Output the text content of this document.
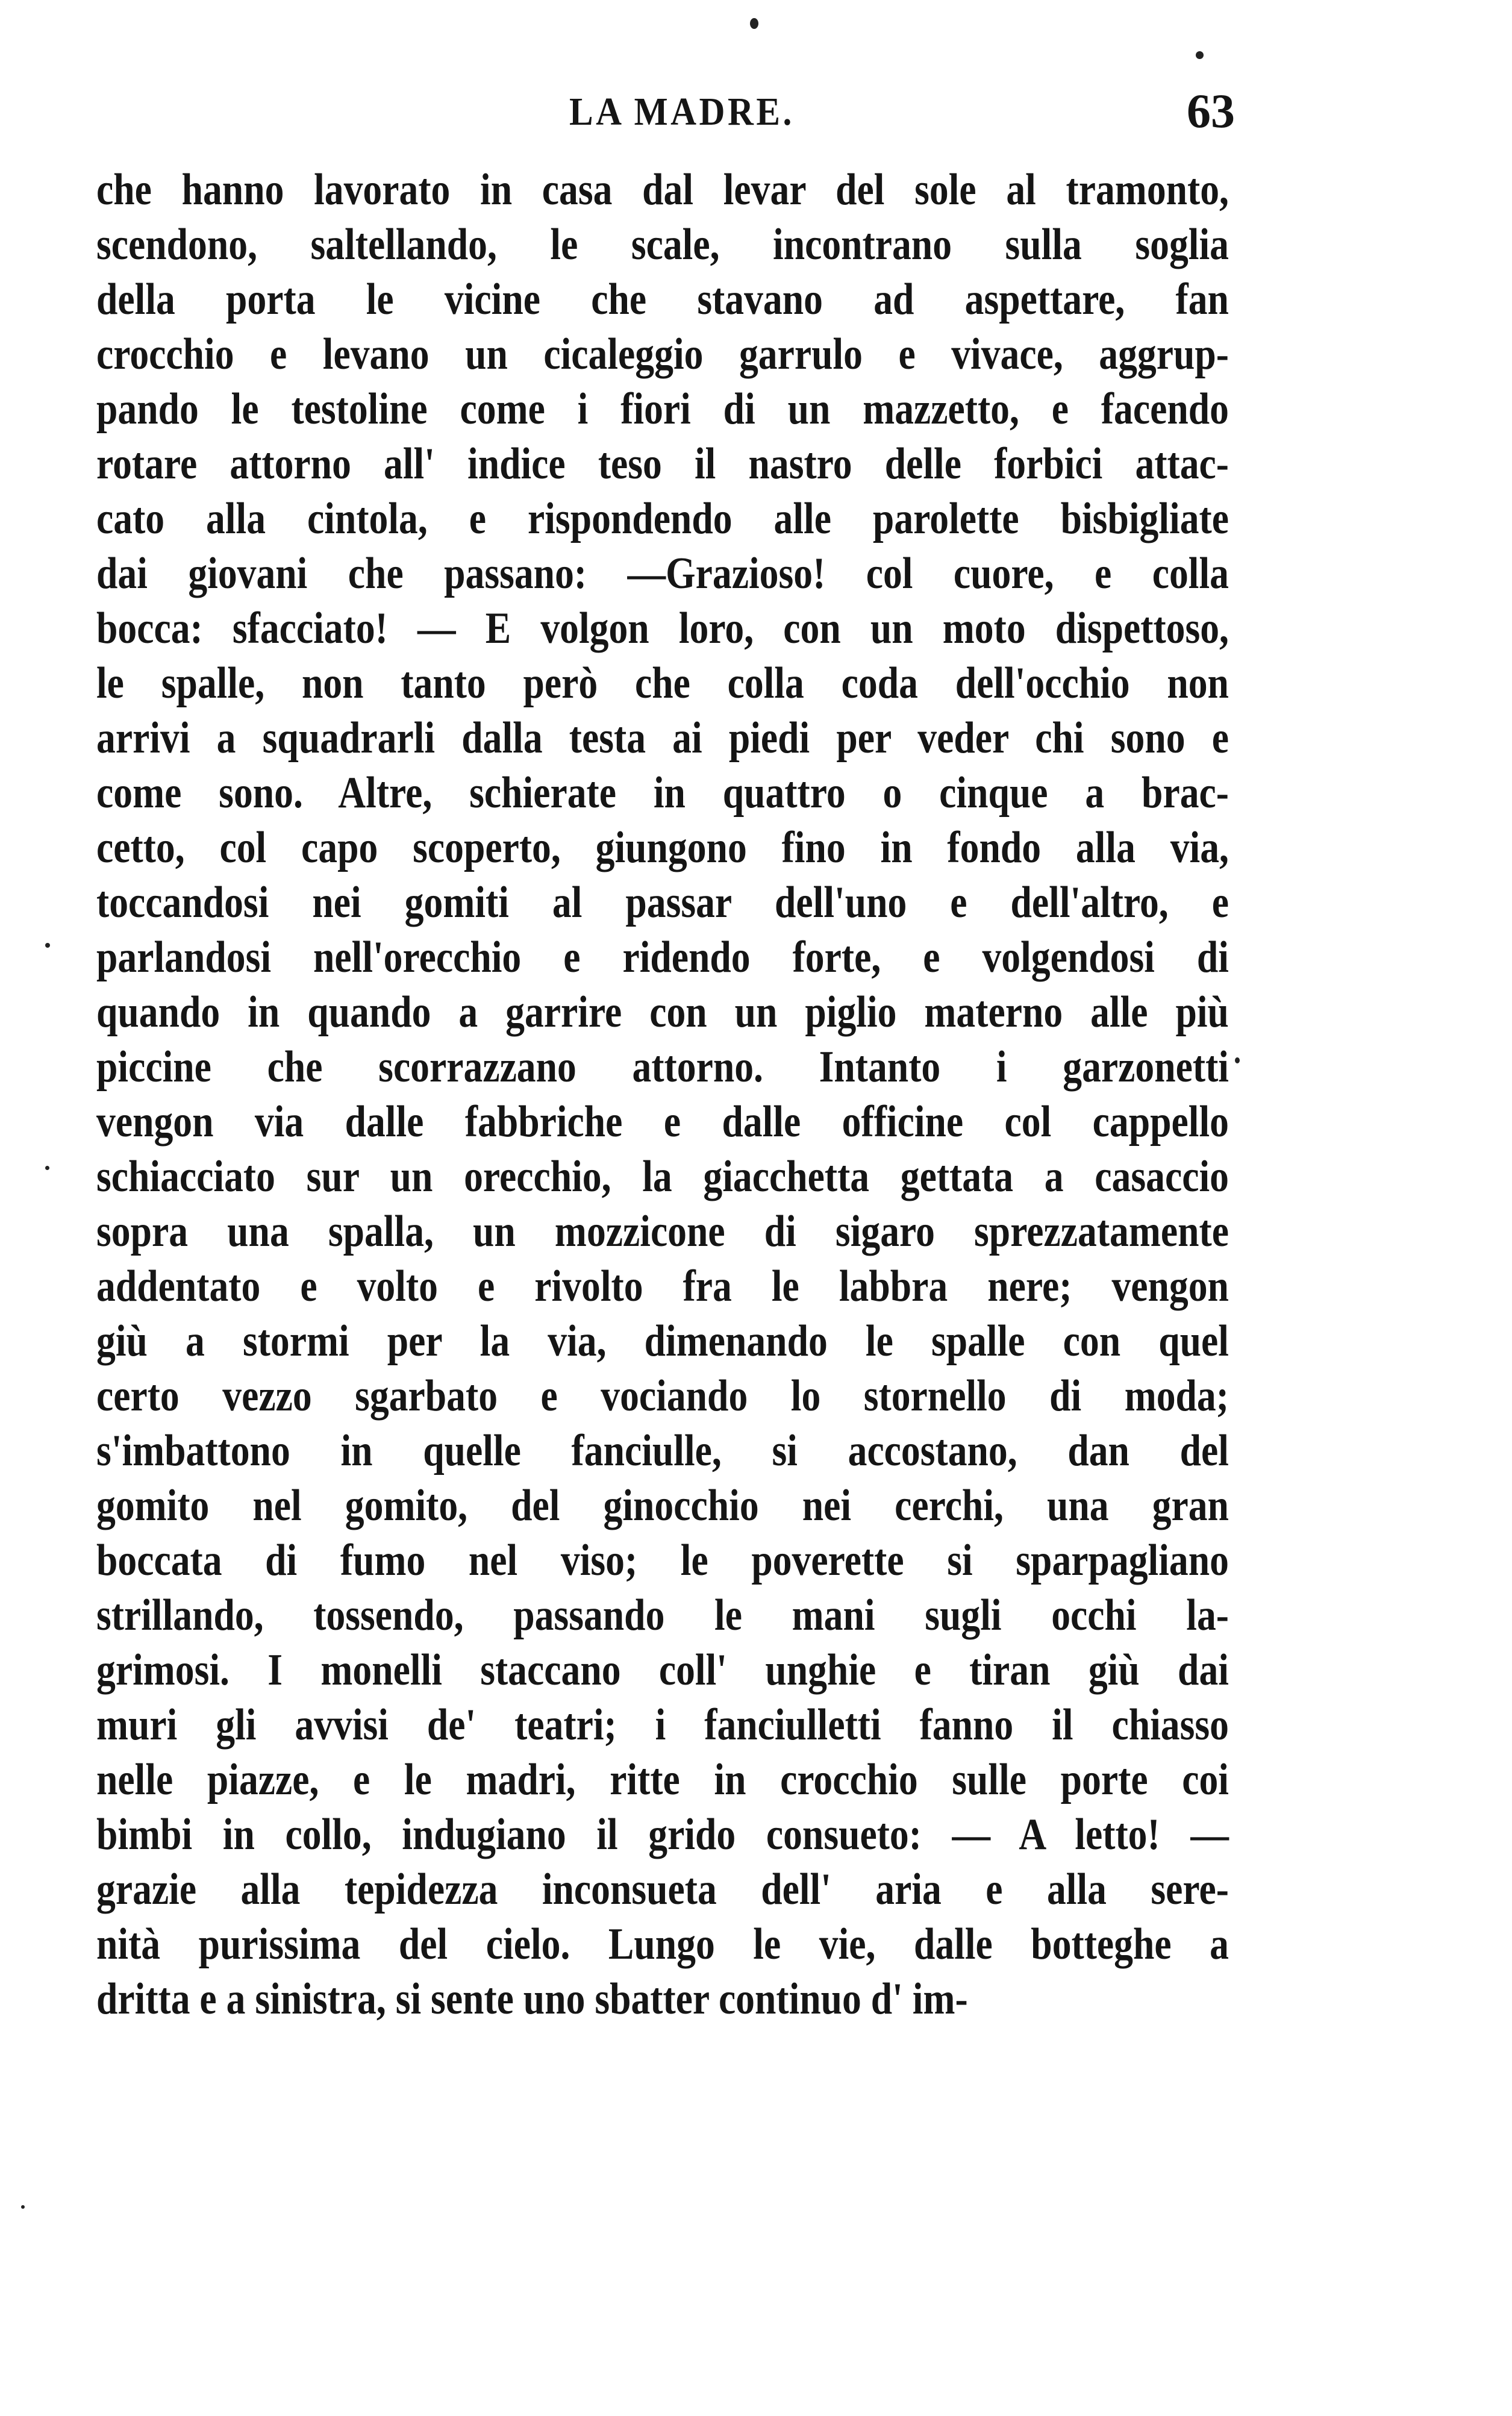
LA MADRE.	63
che hanno lavorato in casa dal levar del sole al tramonto,
scendono, saltellando, le scale, incontrano sulla soglia
della porta le vicine che stavano ad aspettare, fan
crocchio e levano un cicaleggio garrulo e vivace, aggrup-
pando le testoline come i fiori di un mazzetto, e facendo
rotare attorno all' indice teso il nastro delle forbici attac-
cato alla cintola, e rispondendo alle parolette bisbigliate
dai giovani che passano: —Grazioso! col cuore, e colla
bocca: sfacciato! — E volgon loro, con un moto dispettoso,
le spalle, non tanto però che colla coda dell'occhio non
arrivi a squadrarli dalla testa ai piedi per veder chi sono e
come sono. Altre, schierate in quattro o cinque a brac-
cetto, col capo scoperto, giungono fino in fondo alla via,
toccandosi nei gomiti al passar dell'uno e dell'altro, e
parlandosi nell'orecchio e ridendo forte, e volgendosi di
quando in quando a garrire con un piglio materno alle più
piccine che scorrazzano attorno. Intanto i garzonetti
vengon via dalle fabbriche e dalle officine col cappello
schiacciato sur un orecchio, la giacchetta gettata a casaccio
sopra una spalla, un mozzicone di sigaro sprezzatamente
addentato e volto e rivolto fra le labbra nere; vengon
giù a stormi per la via, dimenando le spalle con quel
certo vezzo sgarbato e vociando lo stornello di moda;
s'imbattono in quelle fanciulle, si accostano, dan del
gomito nel gomito, del ginocchio nei cerchi, una gran
boccata di fumo nel viso; le poverette si sparpagliano
strillando, tossendo, passando le mani sugli occhi la-
grimosi. I monelli staccano coll' unghie e tiran giù dai
muri gli avvisi de' teatri; i fanciulletti fanno il chiasso
nelle piazze, e le madri, ritte in crocchio sulle porte coi
bimbi in collo, indugiano il grido consueto: — A letto! —
grazie alla tepidezza inconsueta dell' aria e alla sere-
nità purissima del cielo. Lungo le vie, dalle botteghe a
dritta e a sinistra, si sente uno sbatter continuo d' im-
